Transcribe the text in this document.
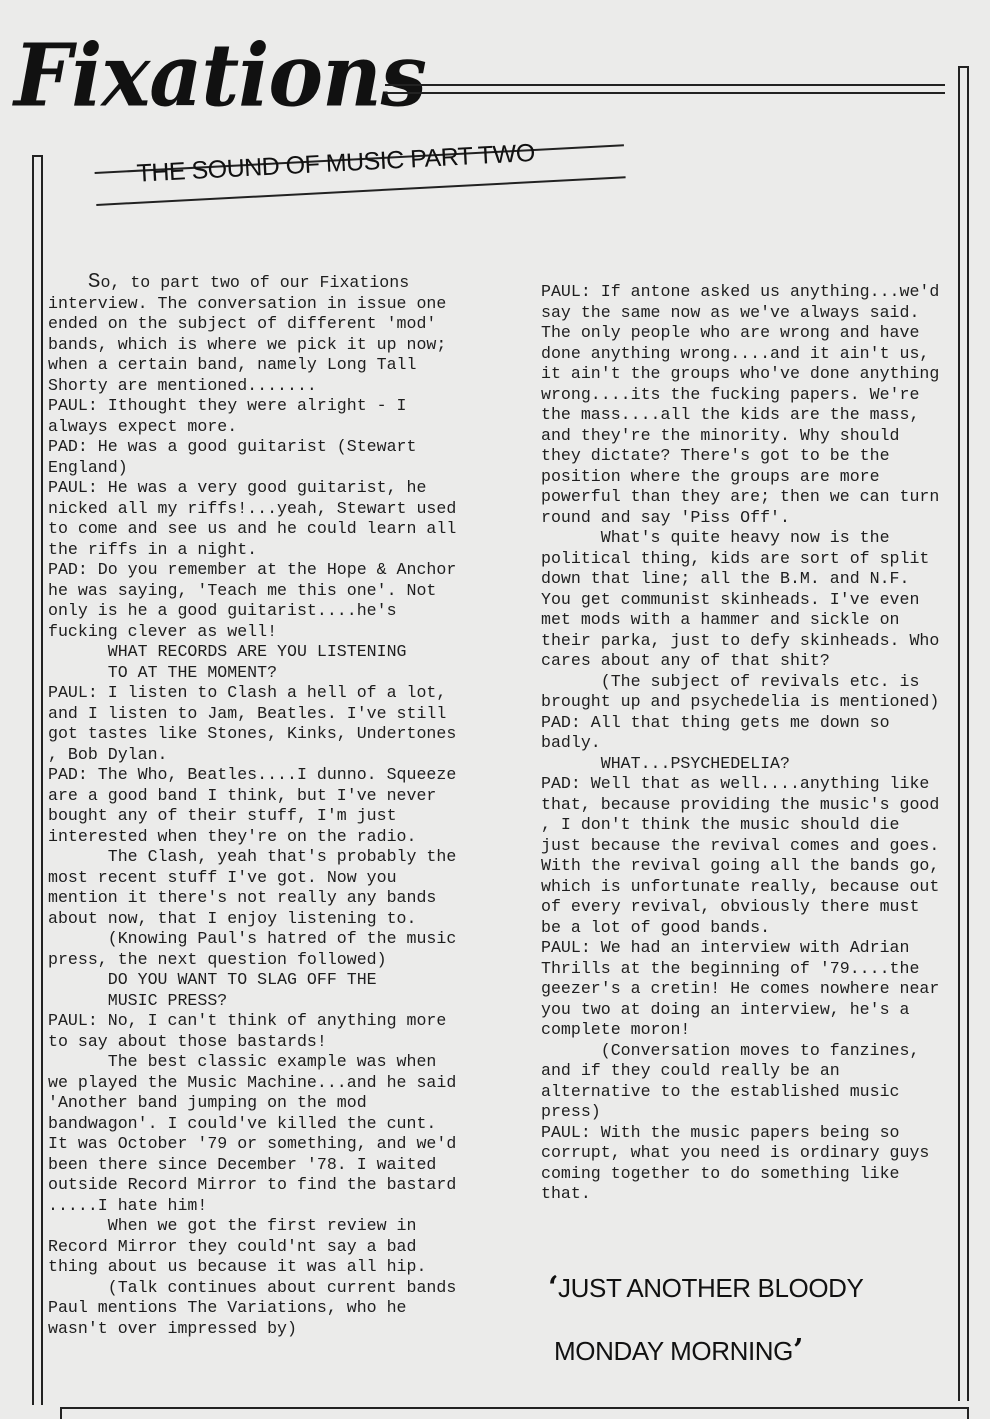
Fixations
THE SOUND OF MUSIC PART TWO
So, to part two of our Fixations
interview. The conversation in issue one
ended on the subject of different 'mod'
bands, which is where we pick it up now;
when a certain band, namely Long Tall
Shorty are mentioned.......
PAUL: Ithought they were alright - I
always expect more.
PAD: He was a good guitarist (Stewart
England)
PAUL: He was a very good guitarist, he
nicked all my riffs!...yeah, Stewart used
to come and see us and he could learn all
the riffs in a night.
PAD: Do you remember at the Hope & Anchor
he was saying, 'Teach me this one'. Not
only is he a good guitarist....he's
fucking clever as well!
WHAT RECORDS ARE YOU LISTENING
TO AT THE MOMENT?
PAUL: I listen to Clash a hell of a lot,
and I listen to Jam, Beatles. I've still
got tastes like Stones, Kinks, Undertones
, Bob Dylan.
PAD: The Who, Beatles....I dunno. Squeeze
are a good band I think, but I've never
bought any of their stuff, I'm just
interested when they're on the radio.
The Clash, yeah that's probably the
most recent stuff I've got. Now you
mention it there's not really any bands
about now, that I enjoy listening to.
(Knowing Paul's hatred of the music
press, the next question followed)
DO YOU WANT TO SLAG OFF THE
MUSIC PRESS?
PAUL: No, I can't think of anything more
to say about those bastards!
The best classic example was when
we played the Music Machine...and he said
'Another band jumping on the mod
bandwagon'. I could've killed the cunt.
It was October '79 or something, and we'd
been there since December '78. I waited
outside Record Mirror to find the bastard
.....I hate him!
When we got the first review in
Record Mirror they could'nt say a bad
thing about us because it was all hip.
(Talk continues about current bands
Paul mentions The Variations, who he
wasn't over impressed by)
PAUL: If antone asked us anything...we'd
say the same now as we've always said.
The only people who are wrong and have
done anything wrong....and it ain't us,
it ain't the groups who've done anything
wrong....its the fucking papers. We're
the mass....all the kids are the mass,
and they're the minority. Why should
they dictate? There's got to be the
position where the groups are more
powerful than they are; then we can turn
round and say 'Piss Off'.
What's quite heavy now is the
political thing, kids are sort of split
down that line; all the B.M. and N.F.
You get communist skinheads. I've even
met mods with a hammer and sickle on
their parka, just to defy skinheads. Who
cares about any of that shit?
(The subject of revivals etc. is
brought up and psychedelia is mentioned)
PAD: All that thing gets me down so
badly.
WHAT...PSYCHEDELIA?
PAD: Well that as well....anything like
that, because providing the music's good
, I don't think the music should die
just because the revival comes and goes.
With the revival going all the bands go,
which is unfortunate really, because out
of every revival, obviously there must
be a lot of good bands.
PAUL: We had an interview with Adrian
Thrills at the beginning of '79....the
geezer's a cretin! He comes nowhere near
you two at doing an interview, he's a
complete moron!
(Conversation moves to fanzines,
and if they could really be an
alternative to the established music
press)
PAUL: With the music papers being so
corrupt, what you need is ordinary guys
coming together to do something like
that.
‘JUST ANOTHER BLOODY
MONDAY MORNING’
